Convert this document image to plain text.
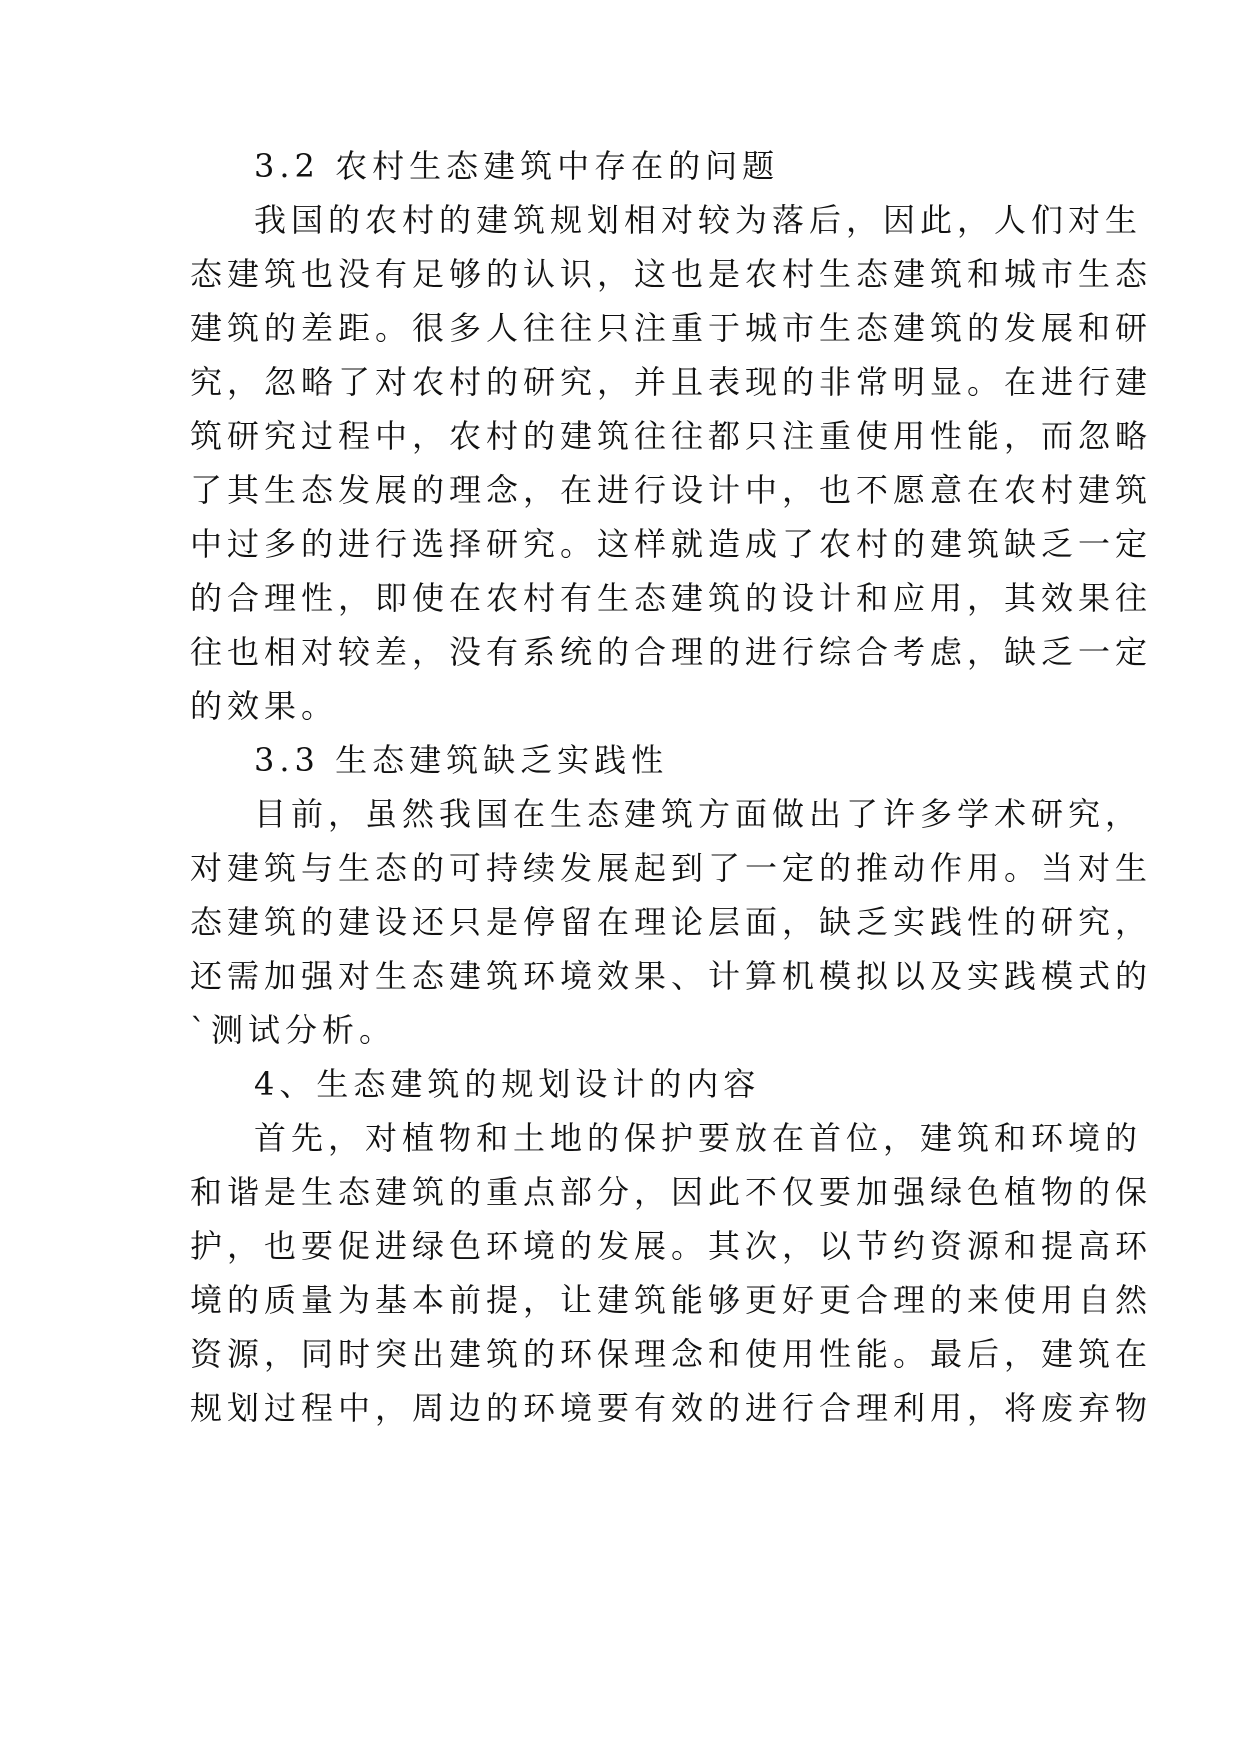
3.2 农村生态建筑中存在的问题
我国的农村的建筑规划相对较为落后，因此，人们对生
态建筑也没有足够的认识，这也是农村生态建筑和城市生态
建筑的差距。很多人往往只注重于城市生态建筑的发展和研
究，忽略了对农村的研究，并且表现的非常明显。在进行建
筑研究过程中，农村的建筑往往都只注重使用性能，而忽略
了其生态发展的理念，在进行设计中，也不愿意在农村建筑
中过多的进行选择研究。这样就造成了农村的建筑缺乏一定
的合理性，即使在农村有生态建筑的设计和应用，其效果往
往也相对较差，没有系统的合理的进行综合考虑，缺乏一定
的效果。
3.3 生态建筑缺乏实践性
目前，虽然我国在生态建筑方面做出了许多学术研究，
对建筑与生态的可持续发展起到了一定的推动作用。当对生
态建筑的建设还只是停留在理论层面，缺乏实践性的研究，
还需加强对生态建筑环境效果、计算机模拟以及实践模式的
`测试分析。
4、生态建筑的规划设计的内容
首先，对植物和土地的保护要放在首位，建筑和环境的
和谐是生态建筑的重点部分，因此不仅要加强绿色植物的保
护，也要促进绿色环境的发展。其次，以节约资源和提高环
境的质量为基本前提，让建筑能够更好更合理的来使用自然
资源，同时突出建筑的环保理念和使用性能。最后，建筑在
规划过程中，周边的环境要有效的进行合理利用，将废弃物
